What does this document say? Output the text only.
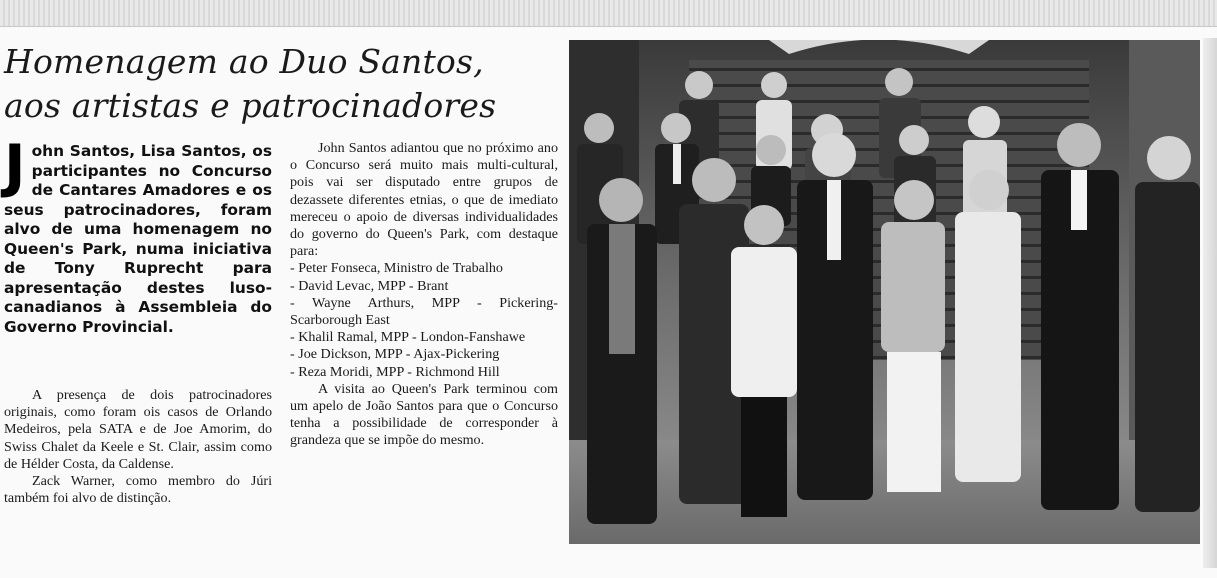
Homenagem ao Duo Santos,
aos artistas e patrocinadores

John Santos, Lisa Santos, os participantes no Concurso de Cantares Amadores e os seus patrocinadores, foram alvo de uma homenagem no Queen's Park, numa iniciativa de Tony Ruprecht para apresentação destes luso-canadianos à Assembleia do Governo Provincial.

A presença de dois patrocinadores originais, como foram ois casos de Orlando Medeiros, pela SATA e de Joe Amorim, do Swiss Chalet da Keele e St. Clair, assim como de Hélder Costa, da Caldense.

Zack Warner, como membro do Júri também foi alvo de distinção.

John Santos adiantou que no próximo ano o Concurso será muito mais multi-cultural, pois vai ser disputado entre grupos de dezassete diferentes etnias, o que de imediato mereceu o apoio de diversas individualidades do governo do Queen's Park, com destaque para:

- Peter Fonseca, Ministro de Trabalho
- David Levac, MPP - Brant
- Wayne Arthurs, MPP - Pickering-Scarborough East
- Khalil Ramal, MPP - London-Fanshawe
- Joe Dickson, MPP - Ajax-Pickering
- Reza Moridi, MPP - Richmond Hill

A visita ao Queen's Park terminou com um apelo de João Santos para que o Concurso tenha a possibilidade de corresponder à grandeza que se impõe do mesmo.
